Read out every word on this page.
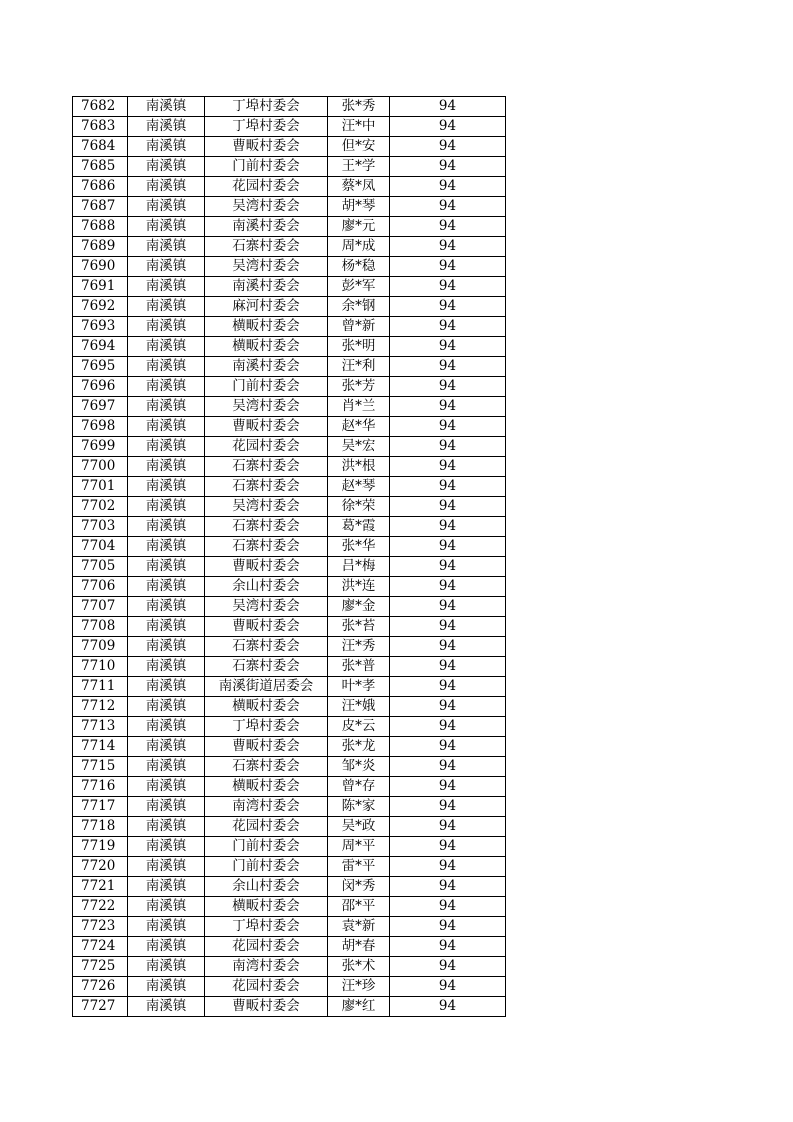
7682	南溪镇	丁埠村委会	张*秀	94
7683	南溪镇	丁埠村委会	汪*中	94
7684	南溪镇	曹畈村委会	但*安	94
7685	南溪镇	门前村委会	王*学	94
7686	南溪镇	花园村委会	蔡*凤	94
7687	南溪镇	吴湾村委会	胡*琴	94
7688	南溪镇	南溪村委会	廖*元	94
7689	南溪镇	石寨村委会	周*成	94
7690	南溪镇	吴湾村委会	杨*稳	94
7691	南溪镇	南溪村委会	彭*军	94
7692	南溪镇	麻河村委会	余*钢	94
7693	南溪镇	横畈村委会	曾*新	94
7694	南溪镇	横畈村委会	张*明	94
7695	南溪镇	南溪村委会	汪*利	94
7696	南溪镇	门前村委会	张*芳	94
7697	南溪镇	吴湾村委会	肖*兰	94
7698	南溪镇	曹畈村委会	赵*华	94
7699	南溪镇	花园村委会	吴*宏	94
7700	南溪镇	石寨村委会	洪*根	94
7701	南溪镇	石寨村委会	赵*琴	94
7702	南溪镇	吴湾村委会	徐*荣	94
7703	南溪镇	石寨村委会	葛*霞	94
7704	南溪镇	石寨村委会	张*华	94
7705	南溪镇	曹畈村委会	吕*梅	94
7706	南溪镇	余山村委会	洪*连	94
7707	南溪镇	吴湾村委会	廖*金	94
7708	南溪镇	曹畈村委会	张*苔	94
7709	南溪镇	石寨村委会	汪*秀	94
7710	南溪镇	石寨村委会	张*普	94
7711	南溪镇	南溪街道居委会	叶*孝	94
7712	南溪镇	横畈村委会	汪*娥	94
7713	南溪镇	丁埠村委会	皮*云	94
7714	南溪镇	曹畈村委会	张*龙	94
7715	南溪镇	石寨村委会	邹*炎	94
7716	南溪镇	横畈村委会	曾*存	94
7717	南溪镇	南湾村委会	陈*家	94
7718	南溪镇	花园村委会	吴*政	94
7719	南溪镇	门前村委会	周*平	94
7720	南溪镇	门前村委会	雷*平	94
7721	南溪镇	余山村委会	闵*秀	94
7722	南溪镇	横畈村委会	邵*平	94
7723	南溪镇	丁埠村委会	袁*新	94
7724	南溪镇	花园村委会	胡*春	94
7725	南溪镇	南湾村委会	张*术	94
7726	南溪镇	花园村委会	汪*珍	94
7727	南溪镇	曹畈村委会	廖*红	94
